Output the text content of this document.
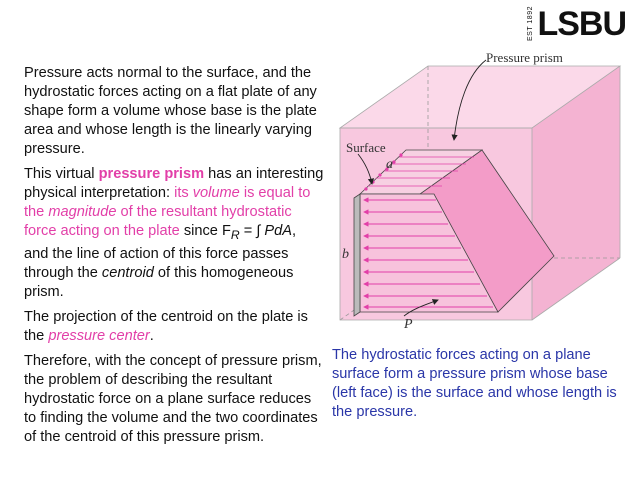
EST 1892 LSBU

Pressure acts normal to the surface, and the hydrostatic forces acting on a flat plate of any shape form a volume whose base is the plate area and whose length is the linearly varying pressure.

This virtual pressure prism has an interesting physical interpretation: its volume is equal to the magnitude of the resultant hydrostatic force acting on the plate since $F_R$ = ∫ PdA, and the line of action of this force passes through the centroid of this homogeneous prism.

The projection of the centroid on the plate is the pressure center.

Therefore, with the concept of pressure prism, the problem of describing the resultant hydrostatic force on a plane surface reduces to finding the volume and the two coordinates of the centroid of this pressure prism.

Pressure prism
Surface
a
b
P
The hydrostatic forces acting on a plane surface form a pressure prism whose base (left face) is the surface and whose length is the pressure.
